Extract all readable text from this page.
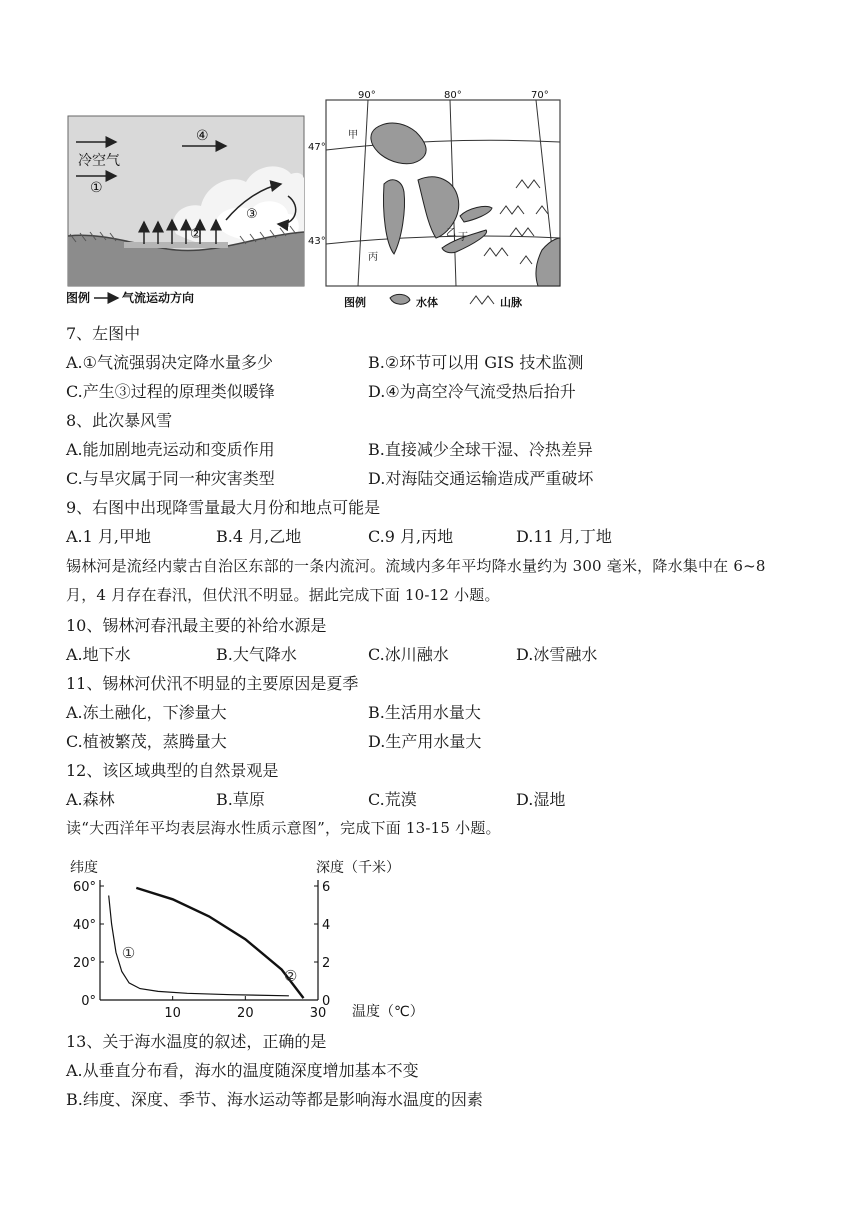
冷空气
①
④
②
③
图例	气流运动方向
90°	80°	70°
47°
43°
甲
乙
丙
丁
图例	水体	山脉
7、左图中
A.①气流强弱决定降水量多少	B.②环节可以用 GIS 技术监测
C.产生③过程的原理类似暖锋	D.④为高空冷气流受热后抬升
8、此次暴风雪
A.能加剧地壳运动和变质作用	B.直接减少全球干湿、冷热差异
C.与旱灾属于同一种灾害类型	D.对海陆交通运输造成严重破坏
9、右图中出现降雪量最大月份和地点可能是
A.1 月,甲地	B.4 月,乙地	C.9 月,丙地	D.11 月,丁地
锡林河是流经内蒙古自治区东部的一条内流河。流域内多年平均降水量约为 300 毫米，降水集中在 6~8 月，4 月存在春汛，但伏汛不明显。据此完成下面 10-12 小题。
10、锡林河春汛最主要的补给水源是
A.地下水	B.大气降水	C.冰川融水	D.冰雪融水
11、锡林河伏汛不明显的主要原因是夏季
A.冻土融化，下渗量大	B.生活用水量大
C.植被繁茂，蒸腾量大	D.生产用水量大
12、该区域典型的自然景观是
A.森林	B.草原	C.荒漠	D.湿地
读“大西洋年平均表层海水性质示意图”，完成下面 13-15 小题。
纬度	深度（千米）
温度（℃）
0°
20°
40°
60°
0
2
4
6
10	20	30
①
②
13、关于海水温度的叙述，正确的是
A.从垂直分布看，海水的温度随深度增加基本不变
B.纬度、深度、季节、海水运动等都是影响海水温度的因素
